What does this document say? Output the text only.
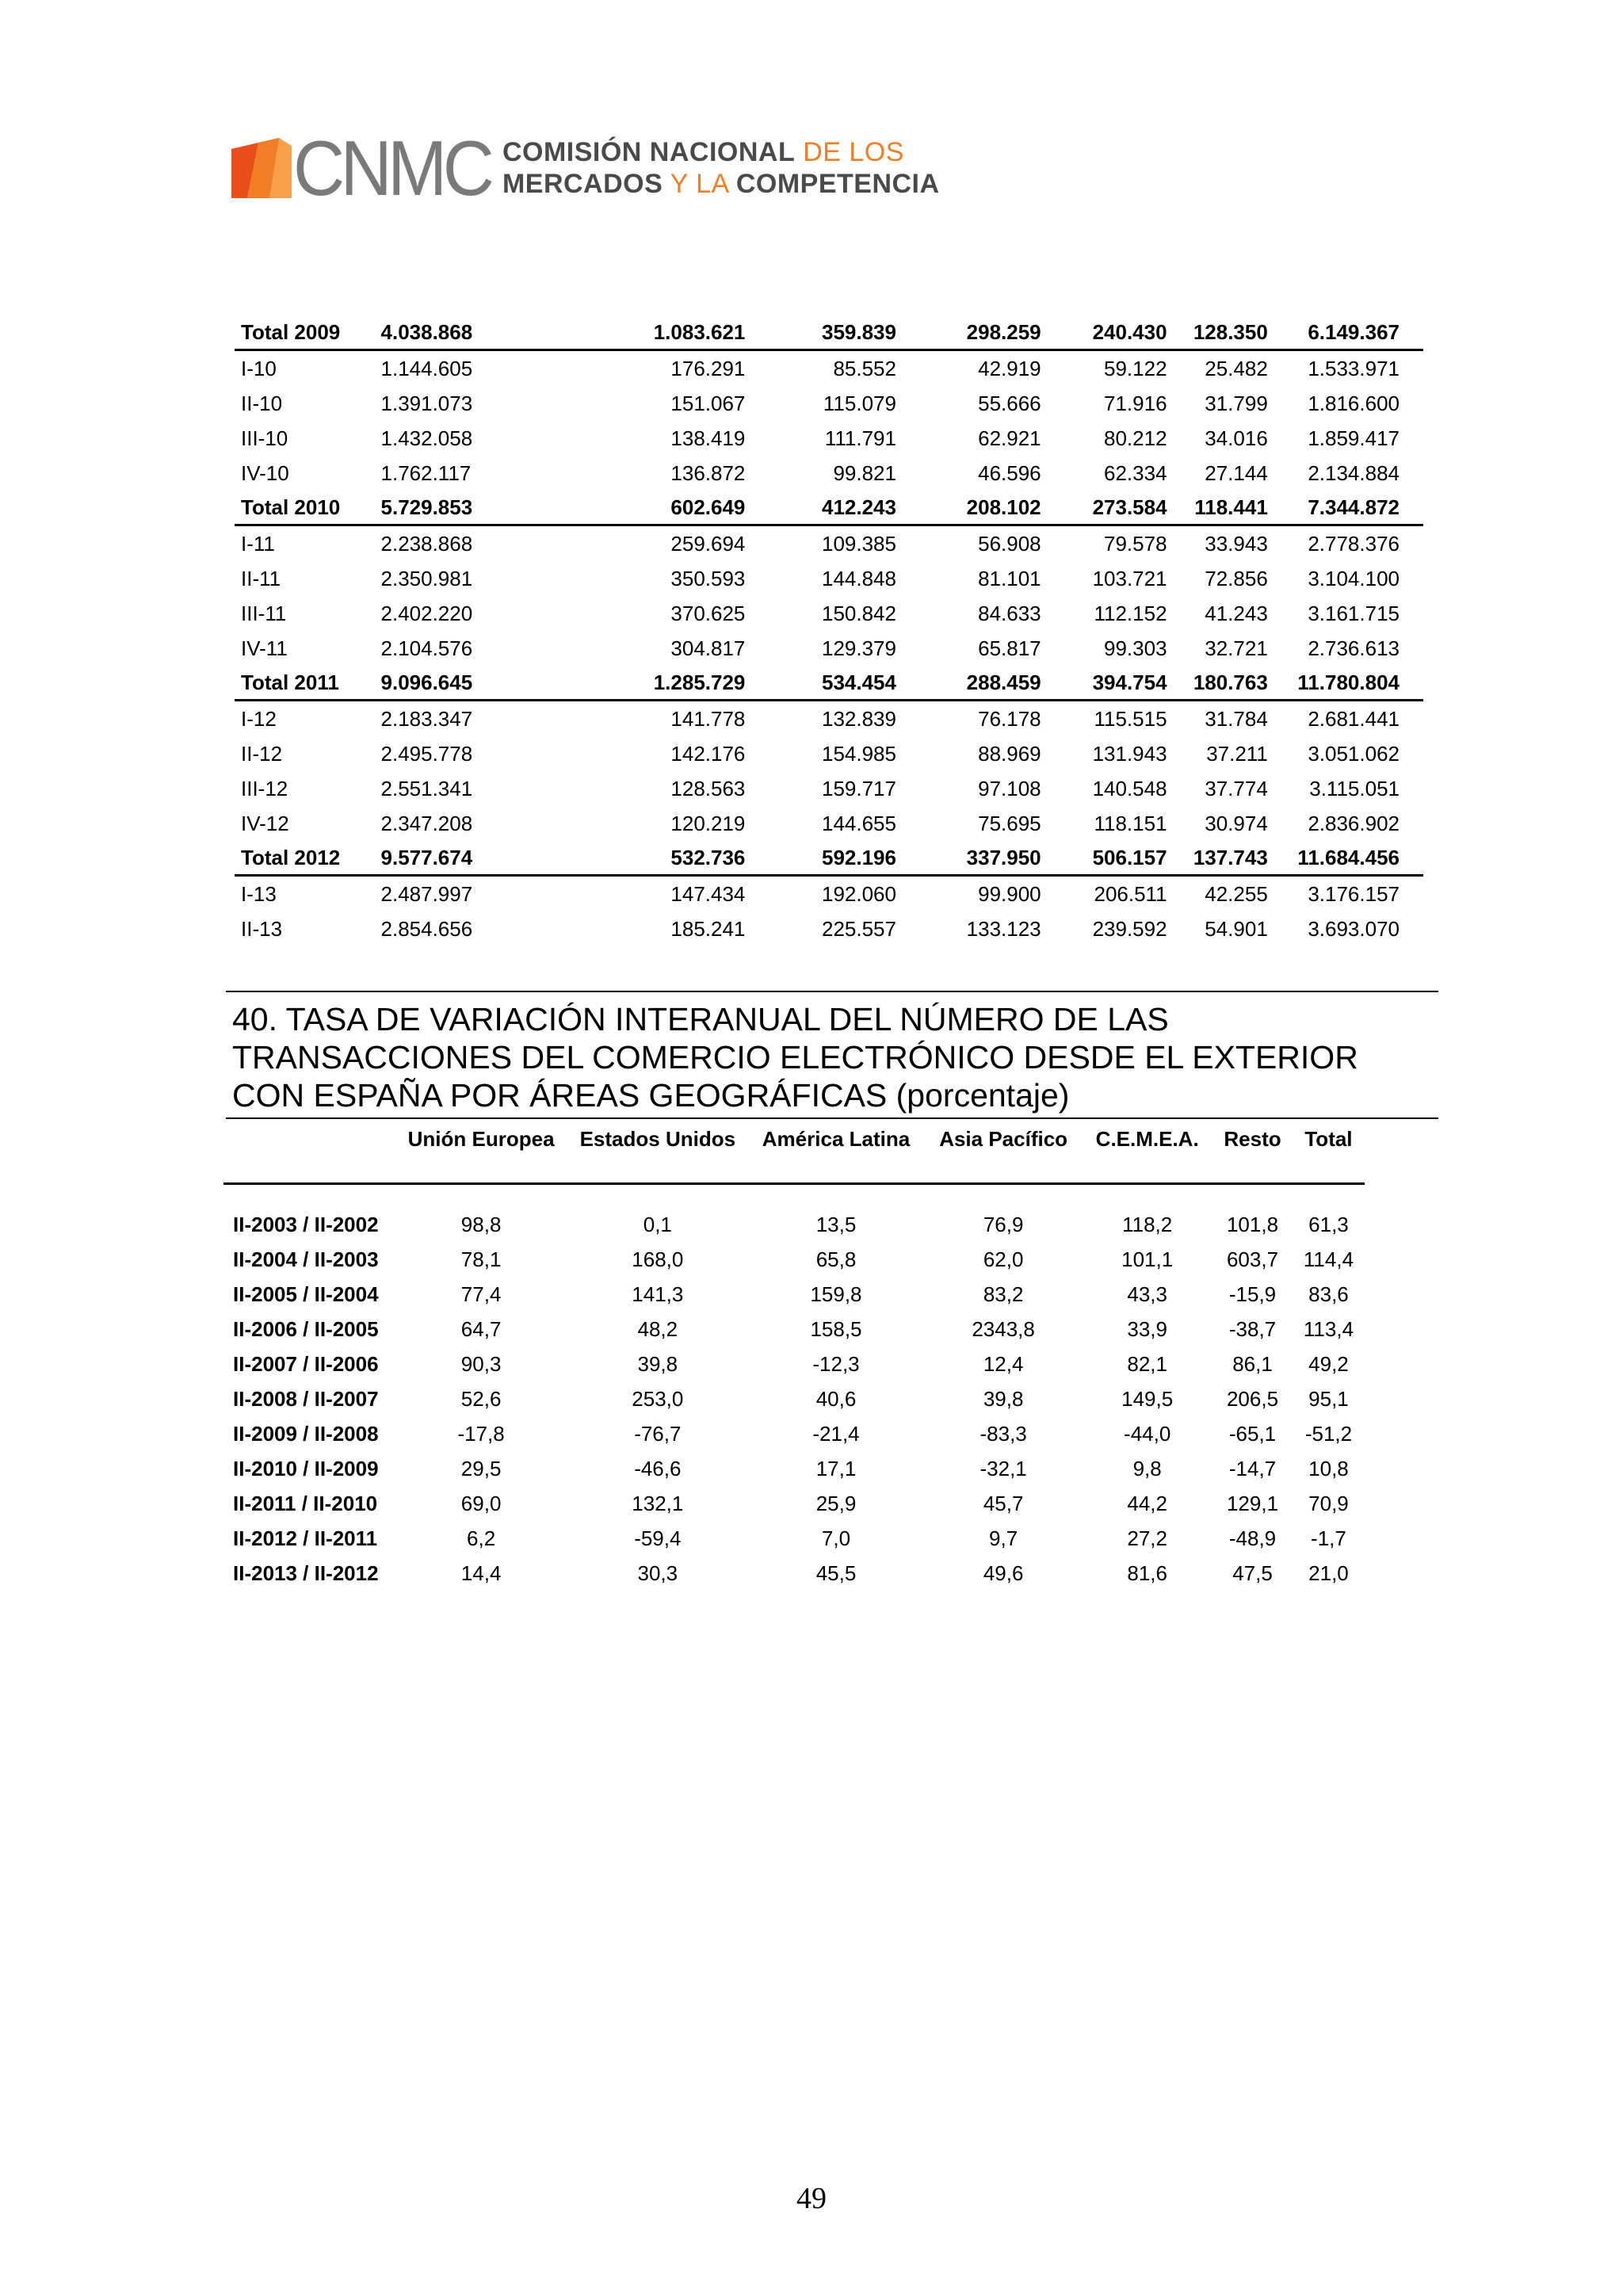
CNMC COMISIÓN NACIONAL DE LOS
MERCADOS Y LA COMPETENCIA
Total 2009	4.038.868	1.083.621	359.839	298.259	240.430	128.350	6.149.367
I-10	1.144.605	176.291	85.552	42.919	59.122	25.482	1.533.971
II-10	1.391.073	151.067	115.079	55.666	71.916	31.799	1.816.600
III-10	1.432.058	138.419	111.791	62.921	80.212	34.016	1.859.417
IV-10	1.762.117	136.872	99.821	46.596	62.334	27.144	2.134.884
Total 2010	5.729.853	602.649	412.243	208.102	273.584	118.441	7.344.872
I-11	2.238.868	259.694	109.385	56.908	79.578	33.943	2.778.376
II-11	2.350.981	350.593	144.848	81.101	103.721	72.856	3.104.100
III-11	2.402.220	370.625	150.842	84.633	112.152	41.243	3.161.715
IV-11	2.104.576	304.817	129.379	65.817	99.303	32.721	2.736.613
Total 2011	9.096.645	1.285.729	534.454	288.459	394.754	180.763	11.780.804
I-12	2.183.347	141.778	132.839	76.178	115.515	31.784	2.681.441
II-12	2.495.778	142.176	154.985	88.969	131.943	37.211	3.051.062
III-12	2.551.341	128.563	159.717	97.108	140.548	37.774	3.115.051
IV-12	2.347.208	120.219	144.655	75.695	118.151	30.974	2.836.902
Total 2012	9.577.674	532.736	592.196	337.950	506.157	137.743	11.684.456
I-13	2.487.997	147.434	192.060	99.900	206.511	42.255	3.176.157
II-13	2.854.656	185.241	225.557	133.123	239.592	54.901	3.693.070
40. TASA DE VARIACIÓN INTERANUAL DEL NÚMERO DE LAS
TRANSACCIONES DEL COMERCIO ELECTRÓNICO DESDE EL EXTERIOR
CON ESPAÑA POR ÁREAS GEOGRÁFICAS (porcentaje)
	Unión Europea	Estados Unidos	América Latina	Asia Pacífico	C.E.M.E.A.	Resto	Total
II-2003 / II-2002	98,8	0,1	13,5	76,9	118,2	101,8	61,3
II-2004 / II-2003	78,1	168,0	65,8	62,0	101,1	603,7	114,4
II-2005 / II-2004	77,4	141,3	159,8	83,2	43,3	-15,9	83,6
II-2006 / II-2005	64,7	48,2	158,5	2343,8	33,9	-38,7	113,4
II-2007 / II-2006	90,3	39,8	-12,3	12,4	82,1	86,1	49,2
II-2008 / II-2007	52,6	253,0	40,6	39,8	149,5	206,5	95,1
II-2009 / II-2008	-17,8	-76,7	-21,4	-83,3	-44,0	-65,1	-51,2
II-2010 / II-2009	29,5	-46,6	17,1	-32,1	9,8	-14,7	10,8
II-2011 / II-2010	69,0	132,1	25,9	45,7	44,2	129,1	70,9
II-2012 / II-2011	6,2	-59,4	7,0	9,7	27,2	-48,9	-1,7
II-2013 / II-2012	14,4	30,3	45,5	49,6	81,6	47,5	21,0
49
